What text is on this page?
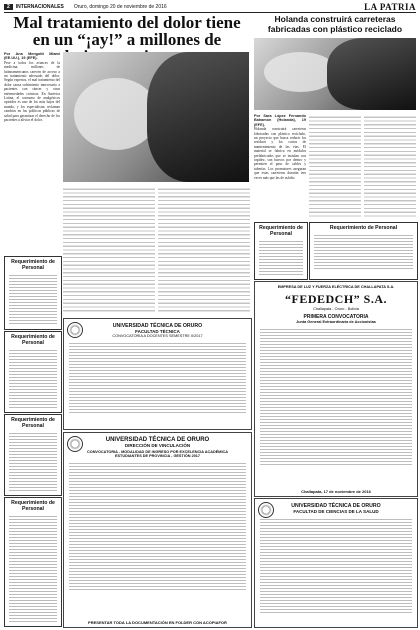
2	INTERNACIONALES Oruro, domingo 20 de noviembre de 2016	LA PATRIA
Mal tratamiento del dolor tiene en un “¡ay!” a millones de
Por Ana Mengotti Miami (EE.UU.), 19 (EFE).
Pese a todos los avances de la medicina, millones de latinoamericanos carecen de acceso a un tratamiento adecuado del dolor. Según expertos, el mal tratamiento del dolor causa sufrimiento innecesario a pacientes con cáncer y otras enfermedades crónicas. En América Latina, el consumo de analgésicos opioides es uno de los más bajos del mundo, y los especialistas reclaman cambios en las políticas públicas de salud para garantizar el derecho de los pacientes a aliviar el dolor.
Holanda construirá carreteras fabricadas con plástico reciclado
Por Sara López Fernando Bahamón (Holanda), 19 (EFE).
Holanda construirá carreteras fabricadas con plástico reciclado, un proyecto que busca reducir los residuos y los costos de mantenimiento de las vías. El material se fabrica en módulos prefabricados que se instalan con rapidez, son huecos por dentro y permiten el paso de cables y tuberías. Los promotores aseguran que estas carreteras durarán tres veces más que las de asfalto.
Requerimiento de Personal
Requerimiento de Personal
Requerimiento de Personal
Requerimiento de Personal
Requerimiento de Personal
Requerimiento de Personal
UNIVERSIDAD TÉCNICA DE ORURO
FACULTAD TÉCNICA
CONVOCATORIA A DOCENTES SEMESTRE II/2017
UNIVERSIDAD TÉCNICA DE ORURO
DIRECCIÓN DE VINCULACIÓN
CONVOCATORIA - MODALIDAD DE INGRESO POR EXCELENCIA ACADÉMICA ESTUDIANTES DE PROVINCIA - GESTIÓN 2017
PRESENTAR TODA LA DOCUMENTACIÓN EN FOLDER CON ACOPIAFOR
EMPRESA DE LUZ Y FUERZA ELÉCTRICA DE CHALLAPATA S.A.
“FEDEDCH” S.A.
Challapata - Oruro - Bolivia
PRIMERA CONVOCATORIA
Junta General Extraordinaria de Accionistas
Challapata, 17 de noviembre de 2016
UNIVERSIDAD TÉCNICA DE ORURO
FACULTAD DE CIENCIAS DE LA SALUD
